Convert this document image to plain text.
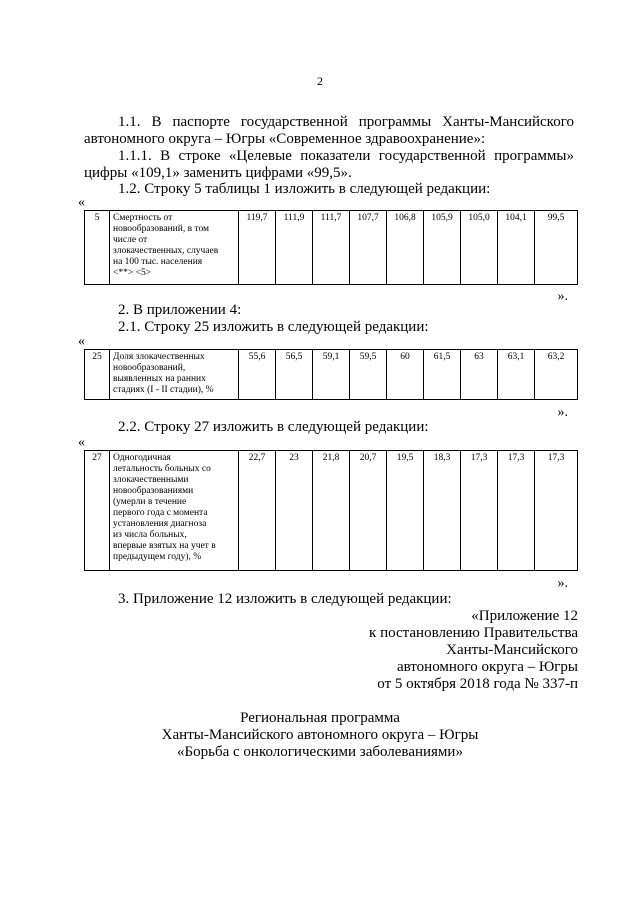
2
1.1. В паспорте государственной программы Ханты-Мансийского
автономного округа – Югры «Современное здравоохранение»:
1.1.1. В строке «Целевые показатели государственной программы»
цифры «109,1» заменить цифрами «99,5».
1.2. Строку 5 таблицы 1 изложить в следующей редакции:
«
5	Смертность от
новообразований, в том
числе от
злокачественных, случаев
на 100 тыс. населения
<**> <5>
	119,7	111,9	111,7	107,7	106,8	105,9	105,0	104,1	99,5
».
2. В приложении 4:
2.1. Строку 25 изложить в следующей редакции:
«
25	Доля злокачественных
новообразований,
выявленных на ранних
стадиях (I - II стадии), %
	55,6	56,5	59,1	59,5	60	61,5	63	63,1	63,2
».
2.2. Строку 27 изложить в следующей редакции:
«
27	Одногодичная
летальность больных со
злокачественными
новообразованиями
(умерли в течение
первого года с момента
установления диагноза
из числа больных,
впервые взятых на учет в
предыдущем году), %
	22,7	23	21,8	20,7	19,5	18,3	17,3	17,3	17,3
».
3. Приложение 12 изложить в следующей редакции:
«Приложение 12
к постановлению Правительства
Ханты-Мансийского
автономного округа – Югры
от 5 октября 2018 года № 337-п
Региональная программа
Ханты-Мансийского автономного округа – Югры
«Борьба с онкологическими заболеваниями»
